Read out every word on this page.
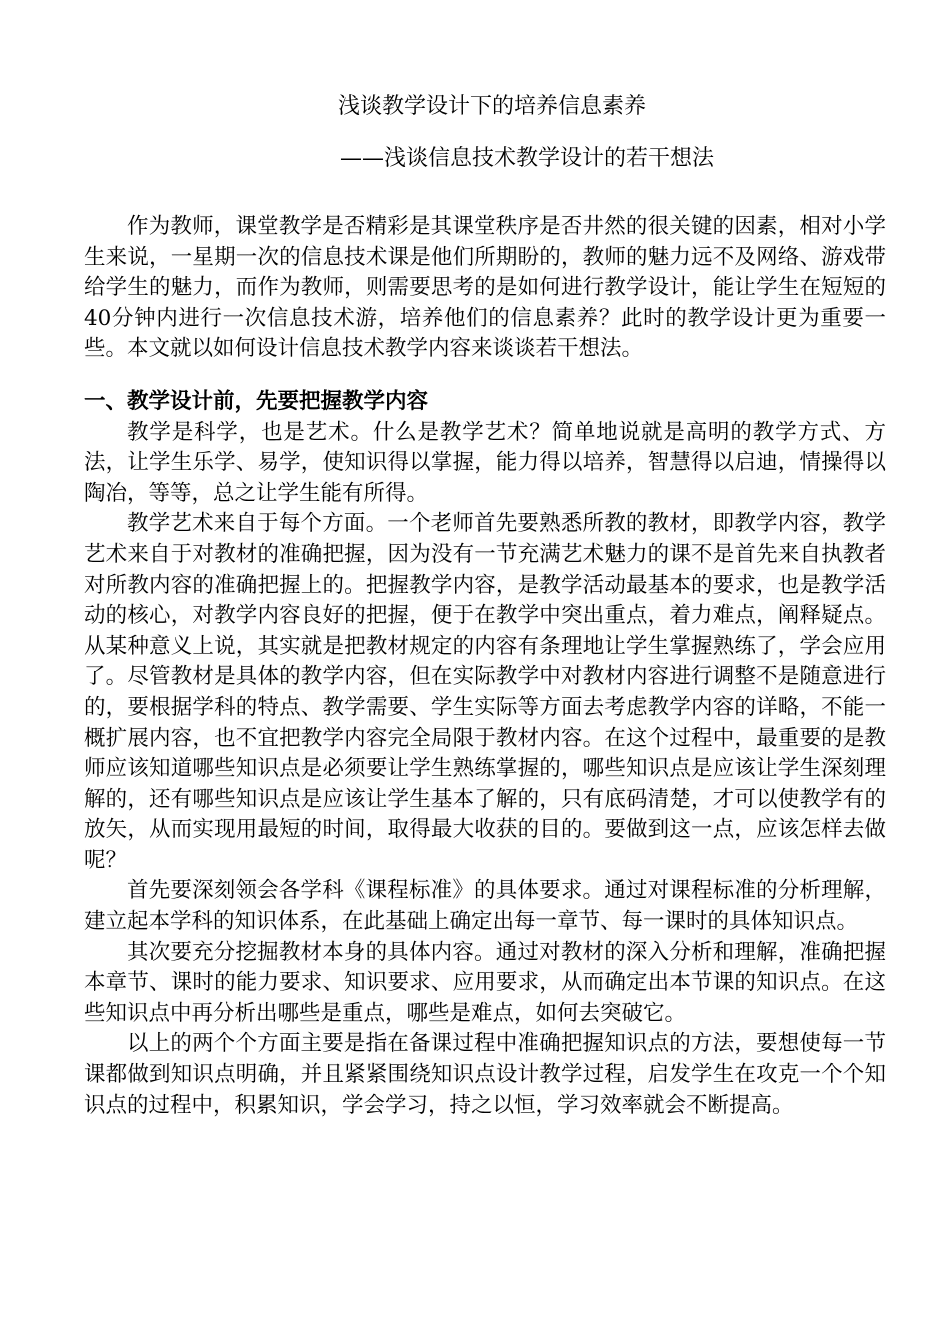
浅谈教学设计下的培养信息素养
——浅谈信息技术教学设计的若干想法

作为教师，课堂教学是否精彩是其课堂秩序是否井然的很关键的因素，相对小学生来说，一星期一次的信息技术课是他们所期盼的，教师的魅力远不及网络、游戏带给学生的魅力，而作为教师，则需要思考的是如何进行教学设计，能让学生在短短的40分钟内进行一次信息技术游，培养他们的信息素养？此时的教学设计更为重要一些。本文就以如何设计信息技术教学内容来谈谈若干想法。

一、教学设计前，先要把握教学内容

教学是科学，也是艺术。什么是教学艺术？简单地说就是高明的教学方式、方法，让学生乐学、易学，使知识得以掌握，能力得以培养，智慧得以启迪，情操得以陶冶，等等，总之让学生能有所得。

教学艺术来自于每个方面。一个老师首先要熟悉所教的教材，即教学内容，教学艺术来自于对教材的准确把握，因为没有一节充满艺术魅力的课不是首先来自执教者对所教内容的准确把握上的。把握教学内容，是教学活动最基本的要求，也是教学活动的核心，对教学内容良好的把握，便于在教学中突出重点，着力难点，阐释疑点。从某种意义上说，其实就是把教材规定的内容有条理地让学生掌握熟练了，学会应用了。尽管教材是具体的教学内容，但在实际教学中对教材内容进行调整不是随意进行的，要根据学科的特点、教学需要、学生实际等方面去考虑教学内容的详略，不能一概扩展内容，也不宜把教学内容完全局限于教材内容。在这个过程中，最重要的是教师应该知道哪些知识点是必须要让学生熟练掌握的，哪些知识点是应该让学生深刻理解的，还有哪些知识点是应该让学生基本了解的，只有底码清楚，才可以使教学有的放矢，从而实现用最短的时间，取得最大收获的目的。要做到这一点，应该怎样去做呢？

首先要深刻领会各学科《课程标准》的具体要求。通过对课程标准的分析理解，建立起本学科的知识体系，在此基础上确定出每一章节、每一课时的具体知识点。

其次要充分挖掘教材本身的具体内容。通过对教材的深入分析和理解，准确把握本章节、课时的能力要求、知识要求、应用要求，从而确定出本节课的知识点。在这些知识点中再分析出哪些是重点，哪些是难点，如何去突破它。

以上的两个个方面主要是指在备课过程中准确把握知识点的方法，要想使每一节课都做到知识点明确，并且紧紧围绕知识点设计教学过程，启发学生在攻克一个个知识点的过程中，积累知识，学会学习，持之以恒，学习效率就会不断提高。
